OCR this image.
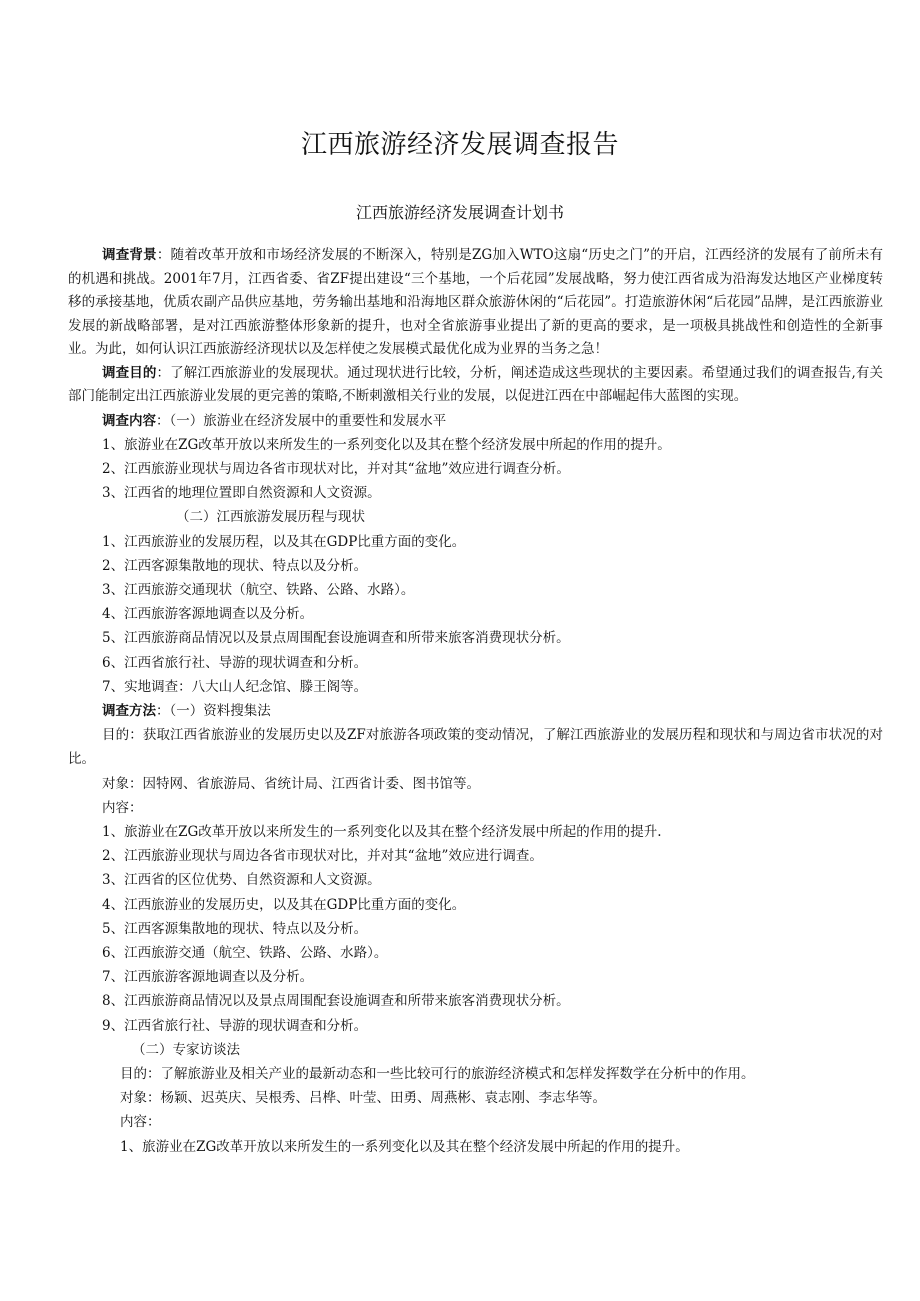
江西旅游经济发展调查报告
江西旅游经济发展调查计划书

调查背景：随着改革开放和市场经济发展的不断深入，特别是ZG加入WTO这扇“历史之门”的开启，江西经济的发展有了前所未有的机遇和挑战。2001年7月，江西省委、省ZF提出建设“三个基地，一个后花园”发展战略，努力使江西省成为沿海发达地区产业梯度转移的承接基地，优质农副产品供应基地，劳务输出基地和沿海地区群众旅游休闲的“后花园”。打造旅游休闲“后花园”品牌，是江西旅游业发展的新战略部署，是对江西旅游整体形象新的提升，也对全省旅游事业提出了新的更高的要求，是一项极具挑战性和创造性的全新事业。为此，如何认识江西旅游经济现状以及怎样使之发展模式最优化成为业界的当务之急！

调查目的：了解江西旅游业的发展现状。通过现状进行比较，分析，阐述造成这些现状的主要因素。希望通过我们的调查报告,有关部门能制定出江西旅游业发展的更完善的策略,不断刺激相关行业的发展，以促进江西在中部崛起伟大蓝图的实现。

调查内容：（一）旅游业在经济发展中的重要性和发展水平

1、旅游业在ZG改革开放以来所发生的一系列变化以及其在整个经济发展中所起的作用的提升。

2、江西旅游业现状与周边各省市现状对比，并对其“盆地”效应进行调查分析。

3、江西省的地理位置即自然资源和人文资源。

（二）江西旅游发展历程与现状

1、江西旅游业的发展历程，以及其在GDP比重方面的变化。

2、江西客源集散地的现状、特点以及分析。

3、江西旅游交通现状（航空、铁路、公路、水路）。

4、江西旅游客源地调查以及分析。

5、江西旅游商品情况以及景点周围配套设施调查和所带来旅客消费现状分析。

6、江西省旅行社、导游的现状调查和分析。

7、实地调查：八大山人纪念馆、滕王阁等。

调查方法：（一）资料搜集法

目的：获取江西省旅游业的发展历史以及ZF对旅游各项政策的变动情况，了解江西旅游业的发展历程和现状和与周边省市状况的对比。

对象：因特网、省旅游局、省统计局、江西省计委、图书馆等。

内容：

1、旅游业在ZG改革开放以来所发生的一系列变化以及其在整个经济发展中所起的作用的提升.

2、江西旅游业现状与周边各省市现状对比，并对其“盆地”效应进行调查。

3、江西省的区位优势、自然资源和人文资源。

4、江西旅游业的发展历史，以及其在GDP比重方面的变化。

5、江西客源集散地的现状、特点以及分析。

6、江西旅游交通（航空、铁路、公路、水路）。

7、江西旅游客源地调查以及分析。

8、江西旅游商品情况以及景点周围配套设施调查和所带来旅客消费现状分析。

9、江西省旅行社、导游的现状调查和分析。

（二）专家访谈法

目的：了解旅游业及相关产业的最新动态和一些比较可行的旅游经济模式和怎样发挥数学在分析中的作用。

对象：杨颖、迟英庆、吴根秀、吕桦、叶莹、田勇、周燕彬、袁志刚、李志华等。

内容：

1、旅游业在ZG改革开放以来所发生的一系列变化以及其在整个经济发展中所起的作用的提升。
